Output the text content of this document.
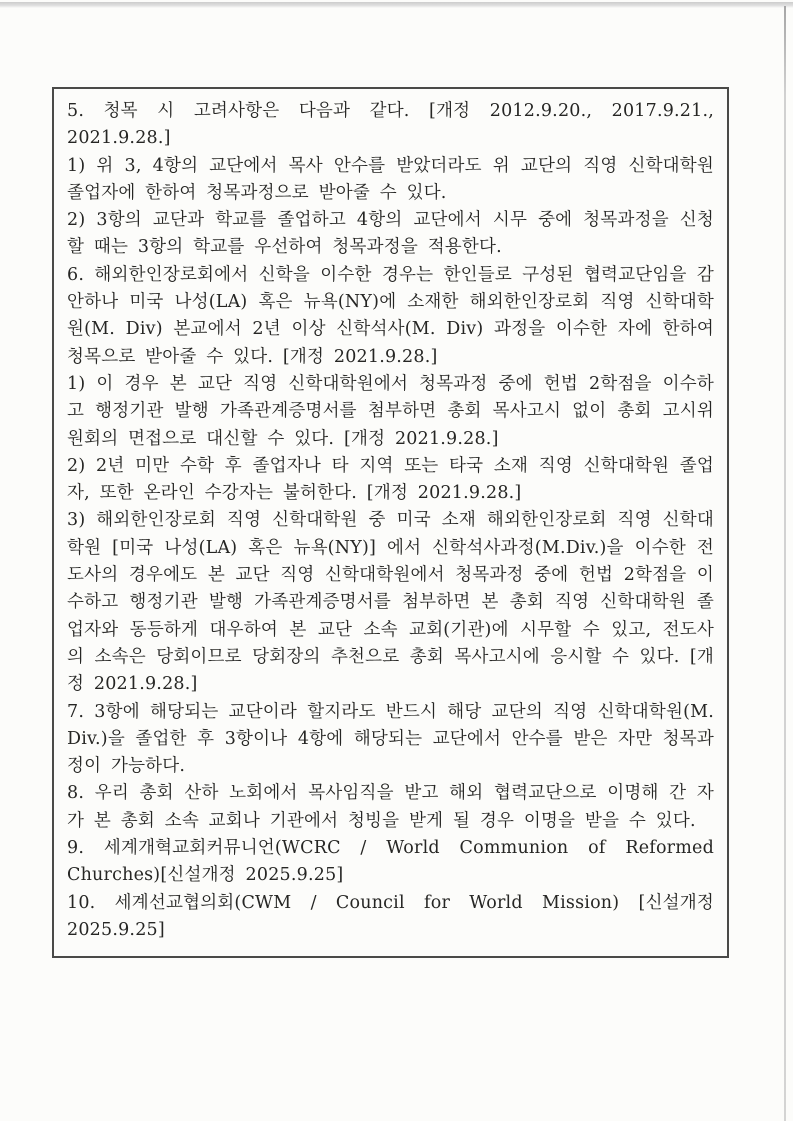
5. 청목 시 고려사항은 다음과 같다. [개정 2012.9.20., 2017.9.21., 2021.9.28.]

1) 위 3, 4항의 교단에서 목사 안수를 받았더라도 위 교단의 직영 신학대학원 졸업자에 한하여 청목과정으로 받아줄 수 있다.

2) 3항의 교단과 학교를 졸업하고 4항의 교단에서 시무 중에 청목과정을 신청할 때는 3항의 학교를 우선하여 청목과정을 적용한다.

6. 해외한인장로회에서 신학을 이수한 경우는 한인들로 구성된 협력교단임을 감안하나 미국 나성(LA) 혹은 뉴욕(NY)에 소재한 해외한인장로회 직영 신학대학원(M. Div) 본교에서 2년 이상 신학석사(M. Div) 과정을 이수한 자에 한하여 청목으로 받아줄 수 있다. [개정 2021.9.28.]

1) 이 경우 본 교단 직영 신학대학원에서 청목과정 중에 헌법 2학점을 이수하고 행정기관 발행 가족관계증명서를 첨부하면 총회 목사고시 없이 총회 고시위원회의 면접으로 대신할 수 있다. [개정 2021.9.28.]

2) 2년 미만 수학 후 졸업자나 타 지역 또는 타국 소재 직영 신학대학원 졸업자, 또한 온라인 수강자는 불허한다. [개정 2021.9.28.]

3) 해외한인장로회 직영 신학대학원 중 미국 소재 해외한인장로회 직영 신학대학원 [미국 나성(LA) 혹은 뉴욕(NY)] 에서 신학석사과정(M.Div.)을 이수한 전도사의 경우에도 본 교단 직영 신학대학원에서 청목과정 중에 헌법 2학점을 이수하고 행정기관 발행 가족관계증명서를 첨부하면 본 총회 직영 신학대학원 졸업자와 동등하게 대우하여 본 교단 소속 교회(기관)에 시무할 수 있고, 전도사의 소속은 당회이므로 당회장의 추천으로 총회 목사고시에 응시할 수 있다. [개정 2021.9.28.]

7. 3항에 해당되는 교단이라 할지라도 반드시 해당 교단의 직영 신학대학원(M. Div.)을 졸업한 후 3항이나 4항에 해당되는 교단에서 안수를 받은 자만 청목과정이 가능하다.

8. 우리 총회 산하 노회에서 목사임직을 받고 해외 협력교단으로 이명해 간 자가 본 총회 소속 교회나 기관에서 청빙을 받게 될 경우 이명을 받을 수 있다.

9. 세계개혁교회커뮤니언(WCRC / World Communion of Reformed Churches)[신설개정 2025.9.25]

10. 세계선교협의회(CWM / Council for World Mission) [신설개정 2025.9.25]
